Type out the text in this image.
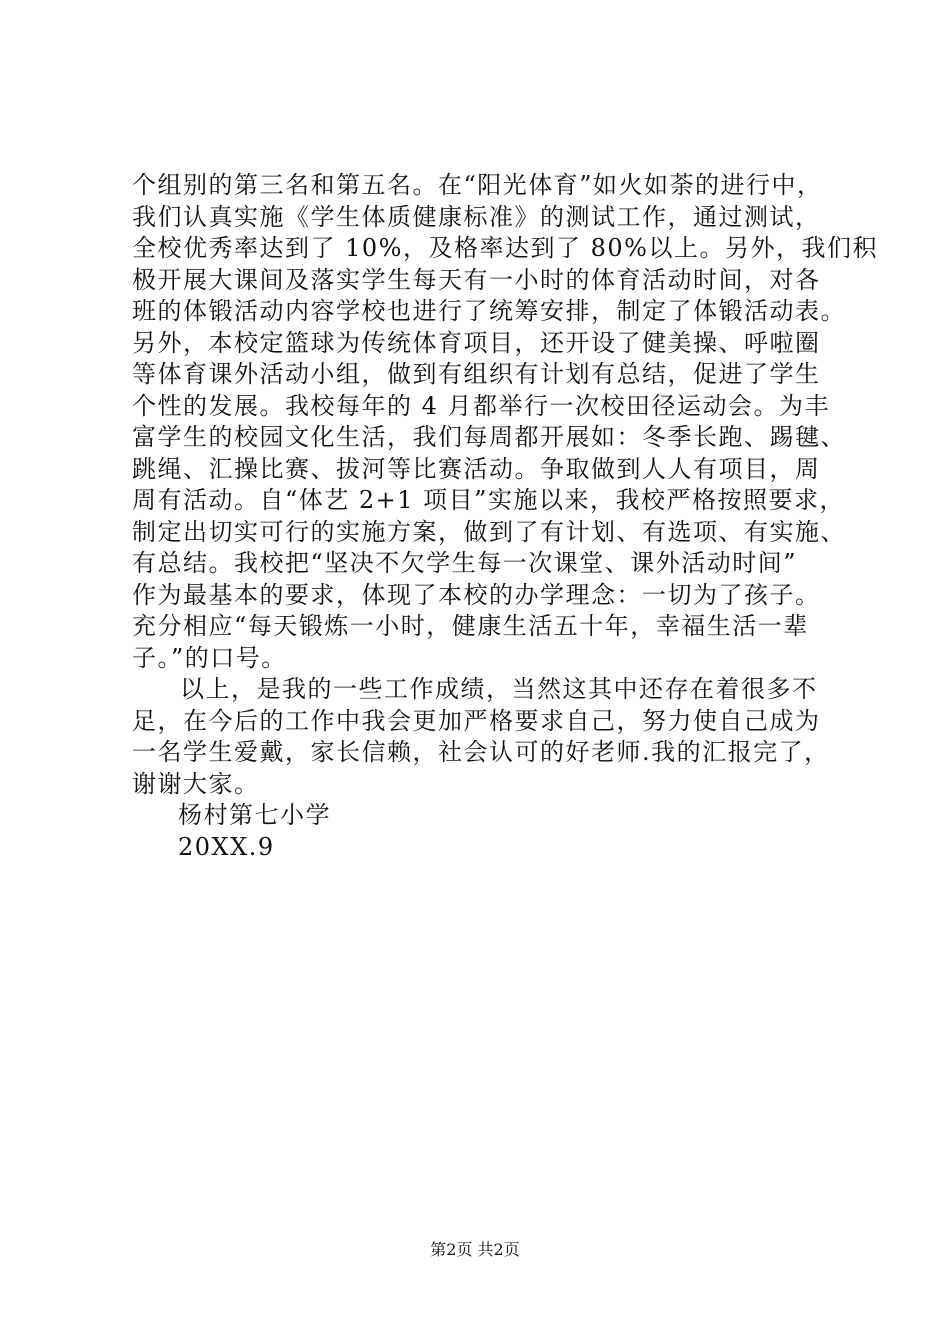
个组别的第三名和第五名。在“阳光体育”如火如荼的进行中，
我们认真实施《学生体质健康标准》的测试工作，通过测试，
全校优秀率达到了 10%，及格率达到了 80%以上。另外，我们积
极开展大课间及落实学生每天有一小时的体育活动时间，对各
班的体锻活动内容学校也进行了统筹安排，制定了体锻活动表。
另外，本校定篮球为传统体育项目，还开设了健美操、呼啦圈
等体育课外活动小组，做到有组织有计划有总结，促进了学生
个性的发展。我校每年的 4 月都举行一次校田径运动会。为丰
富学生的校园文化生活，我们每周都开展如：冬季长跑、踢毽、
跳绳、汇操比赛、拔河等比赛活动。争取做到人人有项目，周
周有活动。自“体艺 2+1 项目”实施以来，我校严格按照要求，
制定出切实可行的实施方案，做到了有计划、有选项、有实施、
有总结。我校把“坚决不欠学生每一次课堂、课外活动时间”
作为最基本的要求，体现了本校的办学理念：一切为了孩子。
充分相应“每天锻炼一小时，健康生活五十年，幸福生活一辈
子。”的口号。
以上，是我的一些工作成绩，当然这其中还存在着很多不
足，在今后的工作中我会更加严格要求自己，努力使自己成为
一名学生爱戴，家长信赖，社会认可的好老师.我的汇报完了，
谢谢大家。
杨村第七小学
20XX.9
第2页 共2页
